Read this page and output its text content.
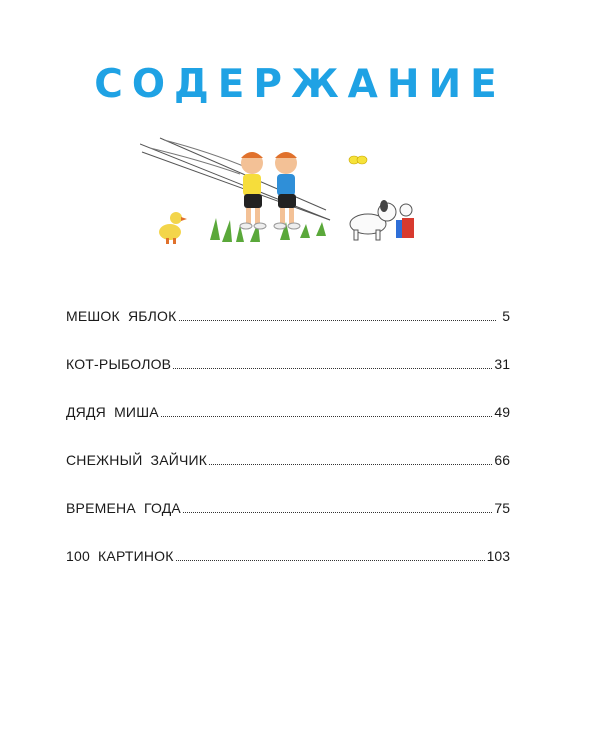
СОДЕРЖАНИЕ
МЕШОК ЯБЛОК	5
КОТ-РЫБОЛОВ	31
ДЯДЯ МИША	49
СНЕЖНЫЙ ЗАЙЧИК	66
ВРЕМЕНА ГОДА	75
100 КАРТИНОК	103
